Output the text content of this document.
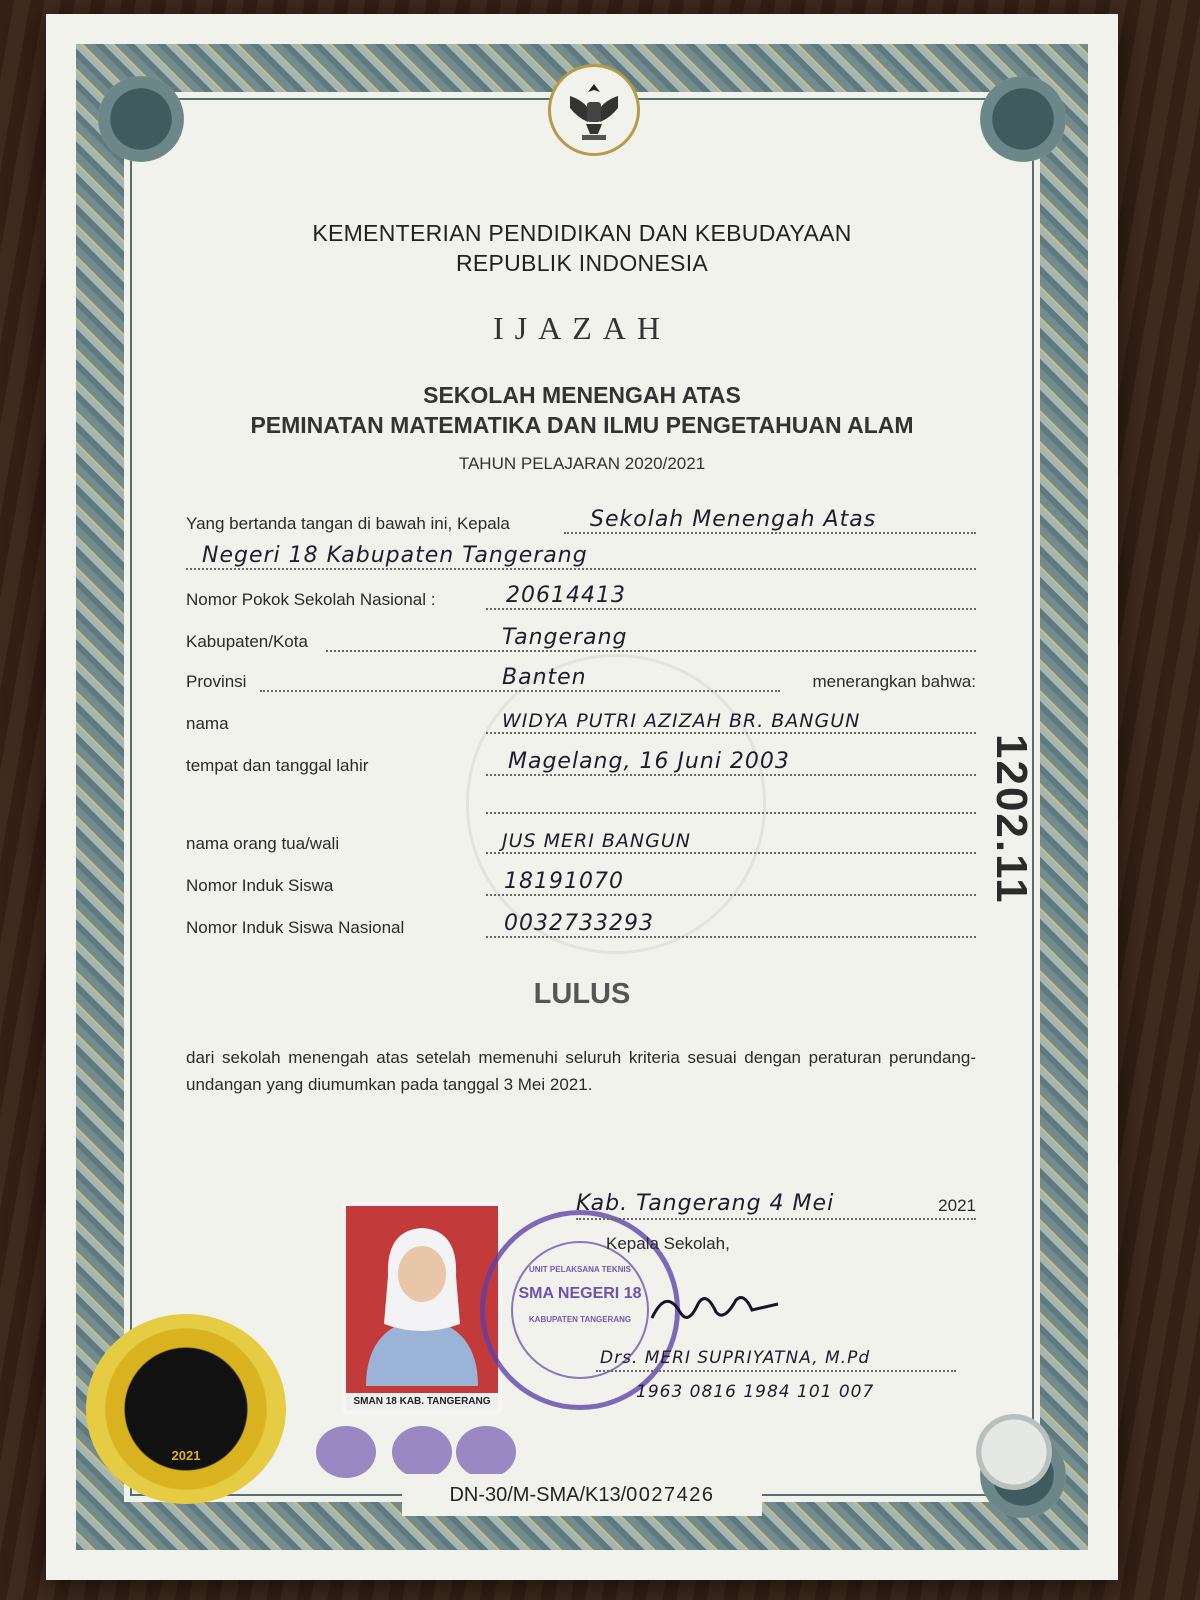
KEMENTERIAN PENDIDIKAN DAN KEBUDAYAAN
REPUBLIK INDONESIA
IJAZAH
SEKOLAH MENENGAH ATAS
PEMINATAN MATEMATIKA DAN ILMU PENGETAHUAN ALAM
TAHUN PELAJARAN 2020/2021
Yang bertanda tangan di bawah ini, Kepala	Sekolah Menengah Atas
Negeri 18 Kabupaten Tangerang
Nomor Pokok Sekolah Nasional :	20614413
Kabupaten/Kota	Tangerang
Provinsi	Banten	menerangkan bahwa:
nama	WIDYA PUTRI AZIZAH BR. BANGUN
tempat dan tanggal lahir	Magelang, 16 Juni 2003
nama orang tua/wali	JUS MERI BANGUN
Nomor Induk Siswa	18191070
Nomor Induk Siswa Nasional	0032733293
LULUS
dari sekolah menengah atas setelah memenuhi seluruh kriteria sesuai dengan peraturan perundang-undangan yang diumumkan pada tanggal 3 Mei 2021.
1202.11
2021
SMAN 18 KAB. TANGERANG
UNIT PELAKSANA TEKNIS
SMA NEGERI 18
KABUPATEN TANGERANG
Kab. Tangerang 4 Mei	2021
Kepala Sekolah,
Drs. MERI SUPRIYATNA, M.Pd
1963 0816 1984 101 007
DN-30/M-SMA/K13/0027426
